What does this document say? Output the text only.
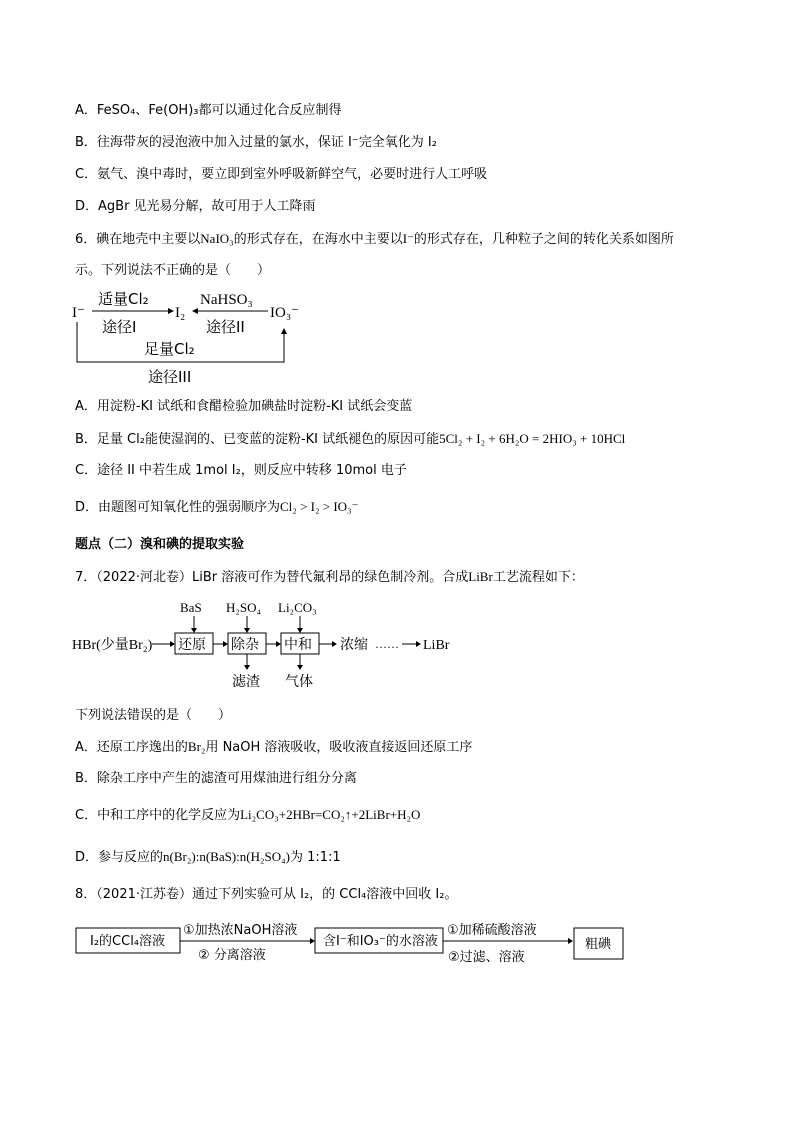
A．FeSO₄、Fe(OH)₃都可以通过化合反应制得
B．往海带灰的浸泡液中加入过量的氯水，保证 I⁻完全氧化为 I₂
C．氨气、溴中毒时，要立即到室外呼吸新鲜空气，必要时进行人工呼吸
D．AgBr 见光易分解，故可用于人工降雨
6．碘在地壳中主要以NaIO₃的形式存在，在海水中主要以I⁻的形式存在，几种粒子之间的转化关系如图所
示。下列说法不正确的是（　　）
I⁻	I₂	IO₃⁻
适量Cl₂
途径I
NaHSO₃
途径II
足量Cl₂
途径III
A．用淀粉-KI 试纸和食醋检验加碘盐时淀粉-KI 试纸会变蓝
B．足量 Cl₂能使湿润的、已变蓝的淀粉-KI 试纸褪色的原因可能5Cl₂ + I₂ + 6H₂O = 2HIO₃ + 10HCl
C．途径 II 中若生成 1mol I₂，则反应中转移 10mol 电子
D．由题图可知氧化性的强弱顺序为Cl₂ > I₂ > IO₃⁻
题点（二）溴和碘的提取实验
7．（2022·河北卷）LiBr 溶液可作为替代氟利昂的绿色制冷剂。合成LiBr工艺流程如下：
HBr(少量Br₂) 还原 除杂 中和 浓缩 …… LiBr
BaS H₂SO₄ Li₂CO₃
滤渣 气体
下列说法错误的是（　　）
A．还原工序逸出的Br₂用 NaOH 溶液吸收，吸收液直接返回还原工序
B．除杂工序中产生的滤渣可用煤油进行组分分离
C．中和工序中的化学反应为Li₂CO₃+2HBr=CO₂↑+2LiBr+H₂O
D．参与反应的n(Br₂):n(BaS):n(H₂SO₄)为 1:1:1
8．（2021·江苏卷）通过下列实验可从 I₂，的 CCl₄溶液中回收 I₂。
I₂的CCl₄溶液
①加热浓NaOH溶液
② 分离溶液
含I⁻和IO₃⁻的水溶液
①加稀硫酸溶液
②过滤、溶液
粗碘
